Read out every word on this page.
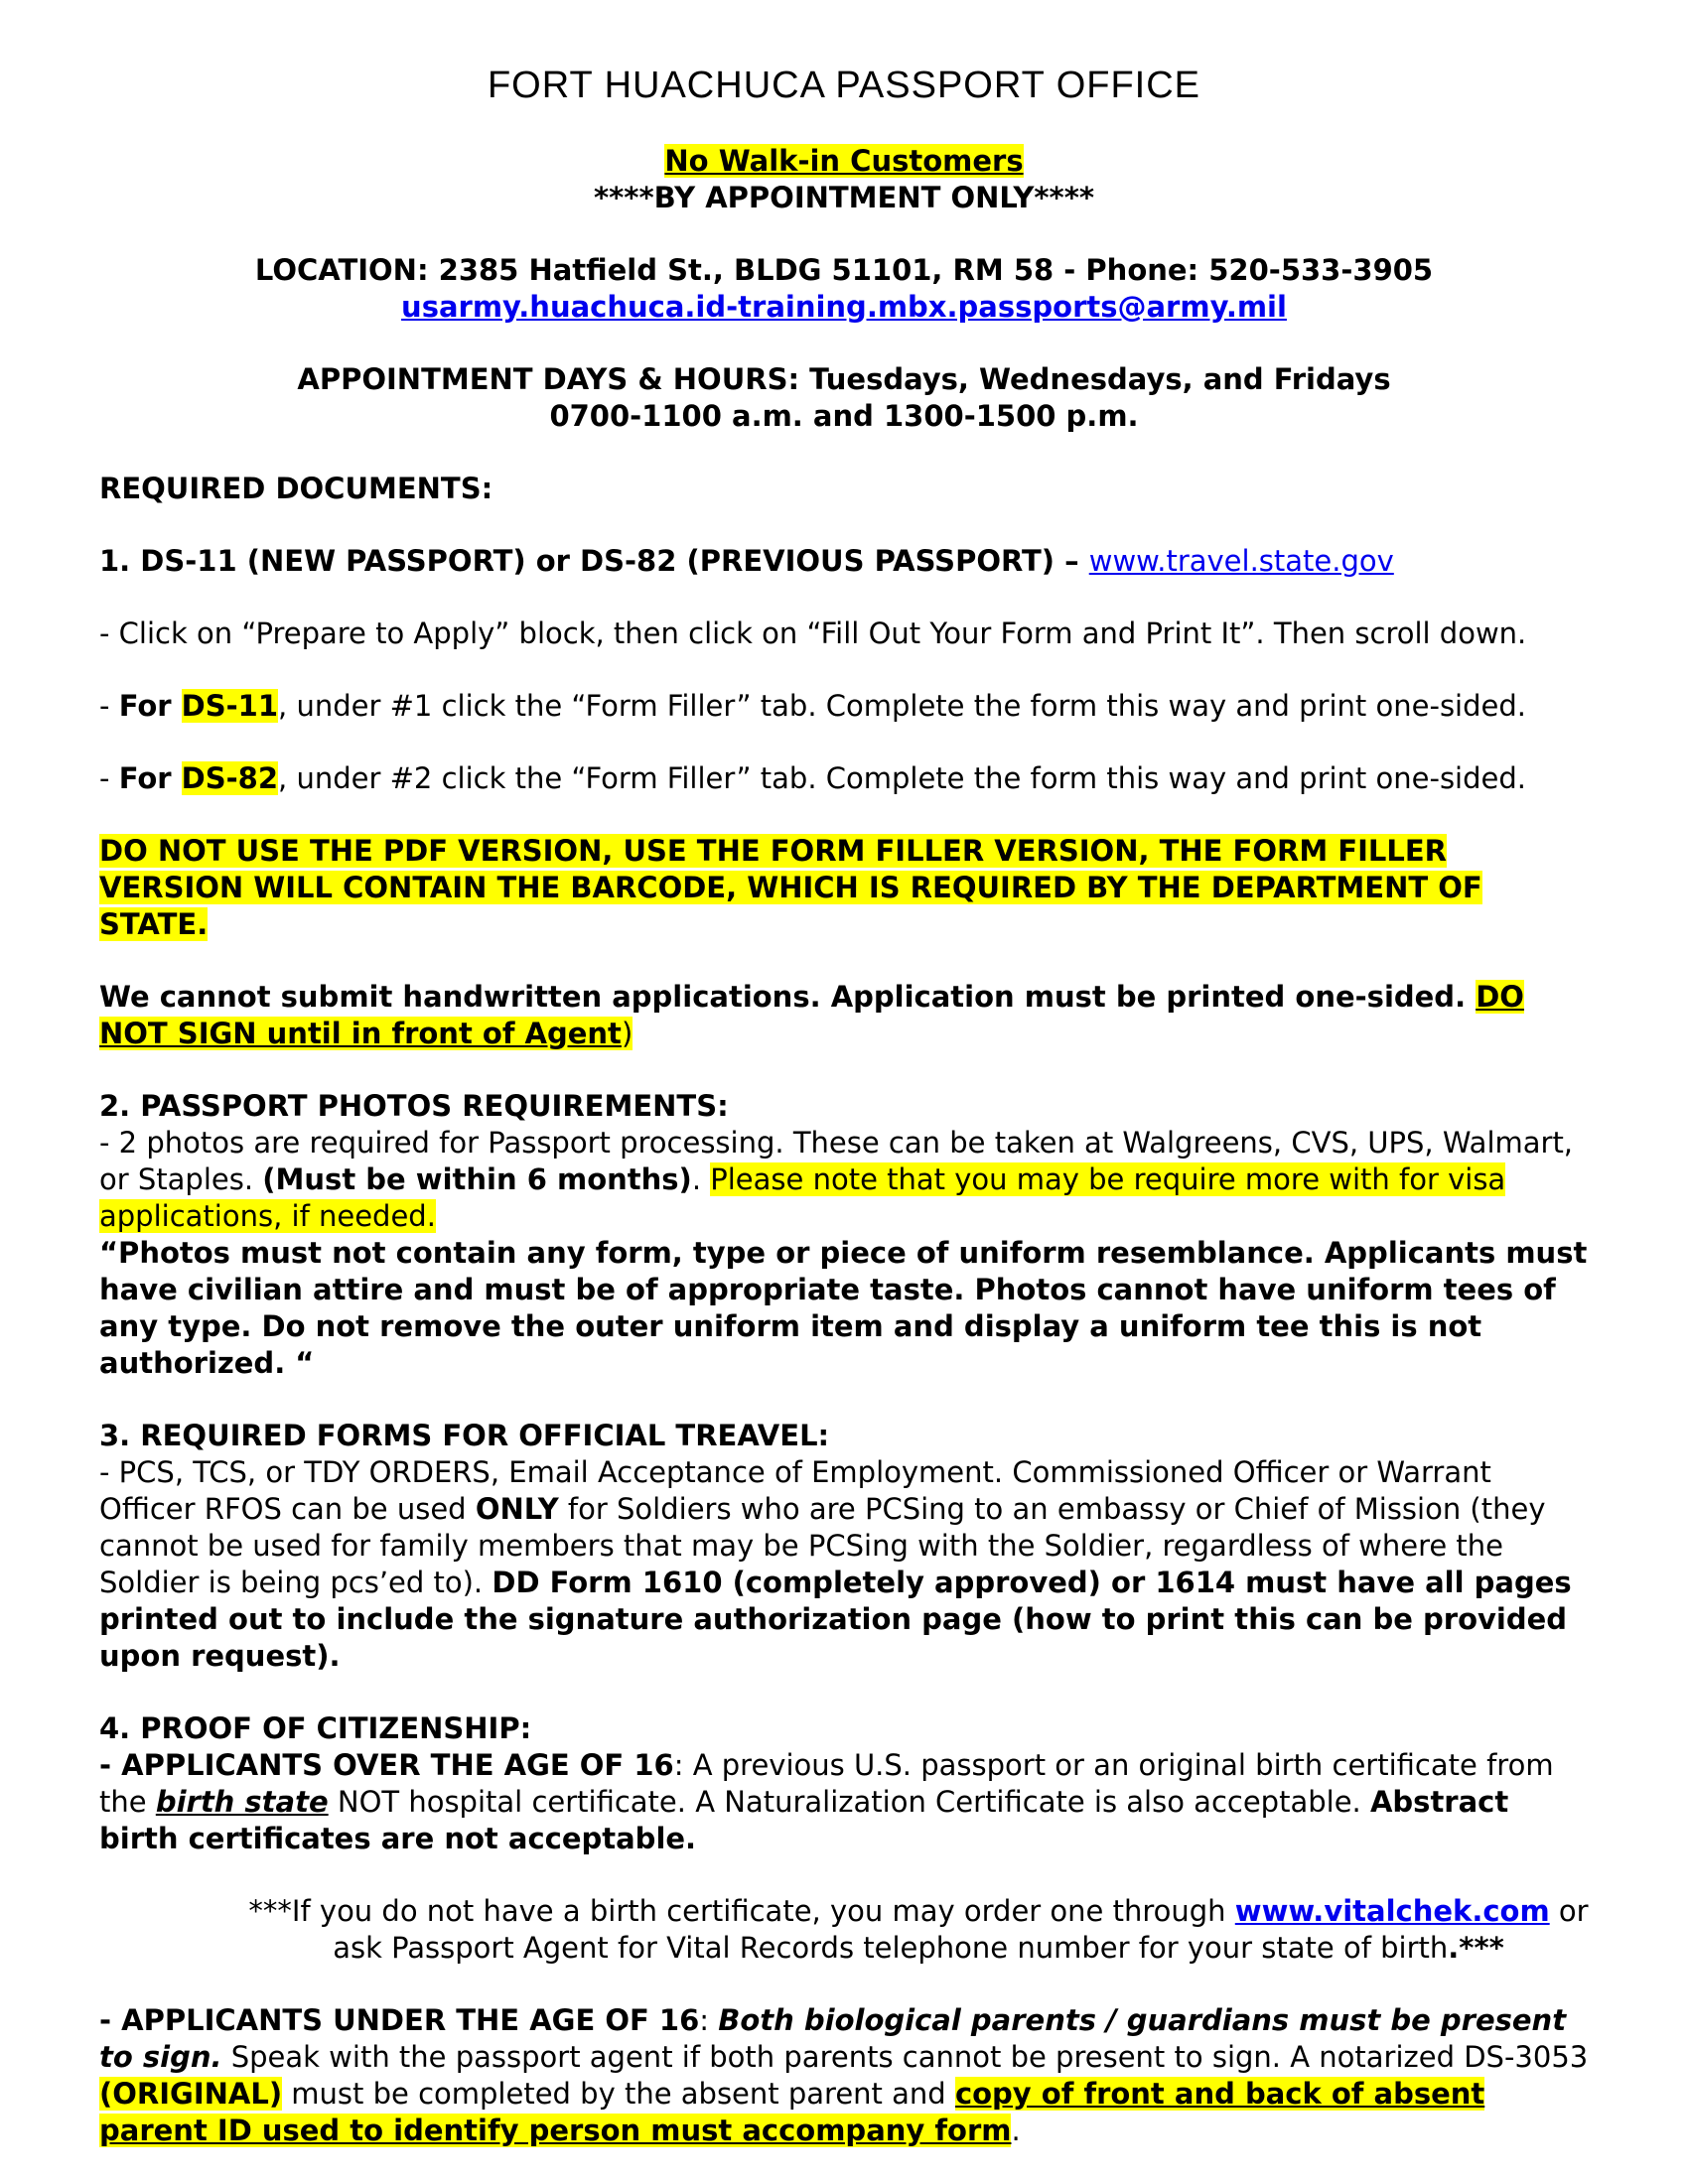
FORT HUACHUCA PASSPORT OFFICE
No Walk-in Customers
****BY APPOINTMENT ONLY****
LOCATION: 2385 Hatfield St., BLDG 51101, RM 58 - Phone: 520-533-3905
usarmy.huachuca.id-training.mbx.passports@army.mil
APPOINTMENT DAYS & HOURS: Tuesdays, Wednesdays, and Fridays
0700-1100 a.m. and 1300-1500 p.m.
REQUIRED DOCUMENTS:
1. DS-11 (NEW PASSPORT) or DS-82 (PREVIOUS PASSPORT) – www.travel.state.gov
- Click on “Prepare to Apply” block, then click on “Fill Out Your Form and Print It”. Then scroll down.
- For DS-11, under #1 click the “Form Filler” tab. Complete the form this way and print one-sided.
- For DS-82, under #2 click the “Form Filler” tab. Complete the form this way and print one-sided.
DO NOT USE THE PDF VERSION, USE THE FORM FILLER VERSION, THE FORM FILLER VERSION WILL CONTAIN THE BARCODE, WHICH IS REQUIRED BY THE DEPARTMENT OF STATE.
We cannot submit handwritten applications. Application must be printed one-sided. DO NOT SIGN until in front of Agent)
2. PASSPORT PHOTOS REQUIREMENTS:
- 2 photos are required for Passport processing. These can be taken at Walgreens, CVS, UPS, Walmart, or Staples. (Must be within 6 months). Please note that you may be require more with for visa applications, if needed.
“Photos must not contain any form, type or piece of uniform resemblance. Applicants must have civilian attire and must be of appropriate taste. Photos cannot have uniform tees of any type. Do not remove the outer uniform item and display a uniform tee this is not authorized. “
3. REQUIRED FORMS FOR OFFICIAL TREAVEL:
- PCS, TCS, or TDY ORDERS, Email Acceptance of Employment. Commissioned Officer or Warrant Officer RFOS can be used ONLY for Soldiers who are PCSing to an embassy or Chief of Mission (they cannot be used for family members that may be PCSing with the Soldier, regardless of where the Soldier is being pcs’ed to). DD Form 1610 (completely approved) or 1614 must have all pages printed out to include the signature authorization page (how to print this can be provided upon request).
4. PROOF OF CITIZENSHIP:
- APPLICANTS OVER THE AGE OF 16: A previous U.S. passport or an original birth certificate from the birth state NOT hospital certificate. A Naturalization Certificate is also acceptable. Abstract birth certificates are not acceptable.
***If you do not have a birth certificate, you may order one through www.vitalchek.com or ask Passport Agent for Vital Records telephone number for your state of birth.***
- APPLICANTS UNDER THE AGE OF 16: Both biological parents / guardians must be present to sign. Speak with the passport agent if both parents cannot be present to sign. A notarized DS-3053 (ORIGINAL) must be completed by the absent parent and copy of front and back of absent parent ID used to identify person must accompany form.
